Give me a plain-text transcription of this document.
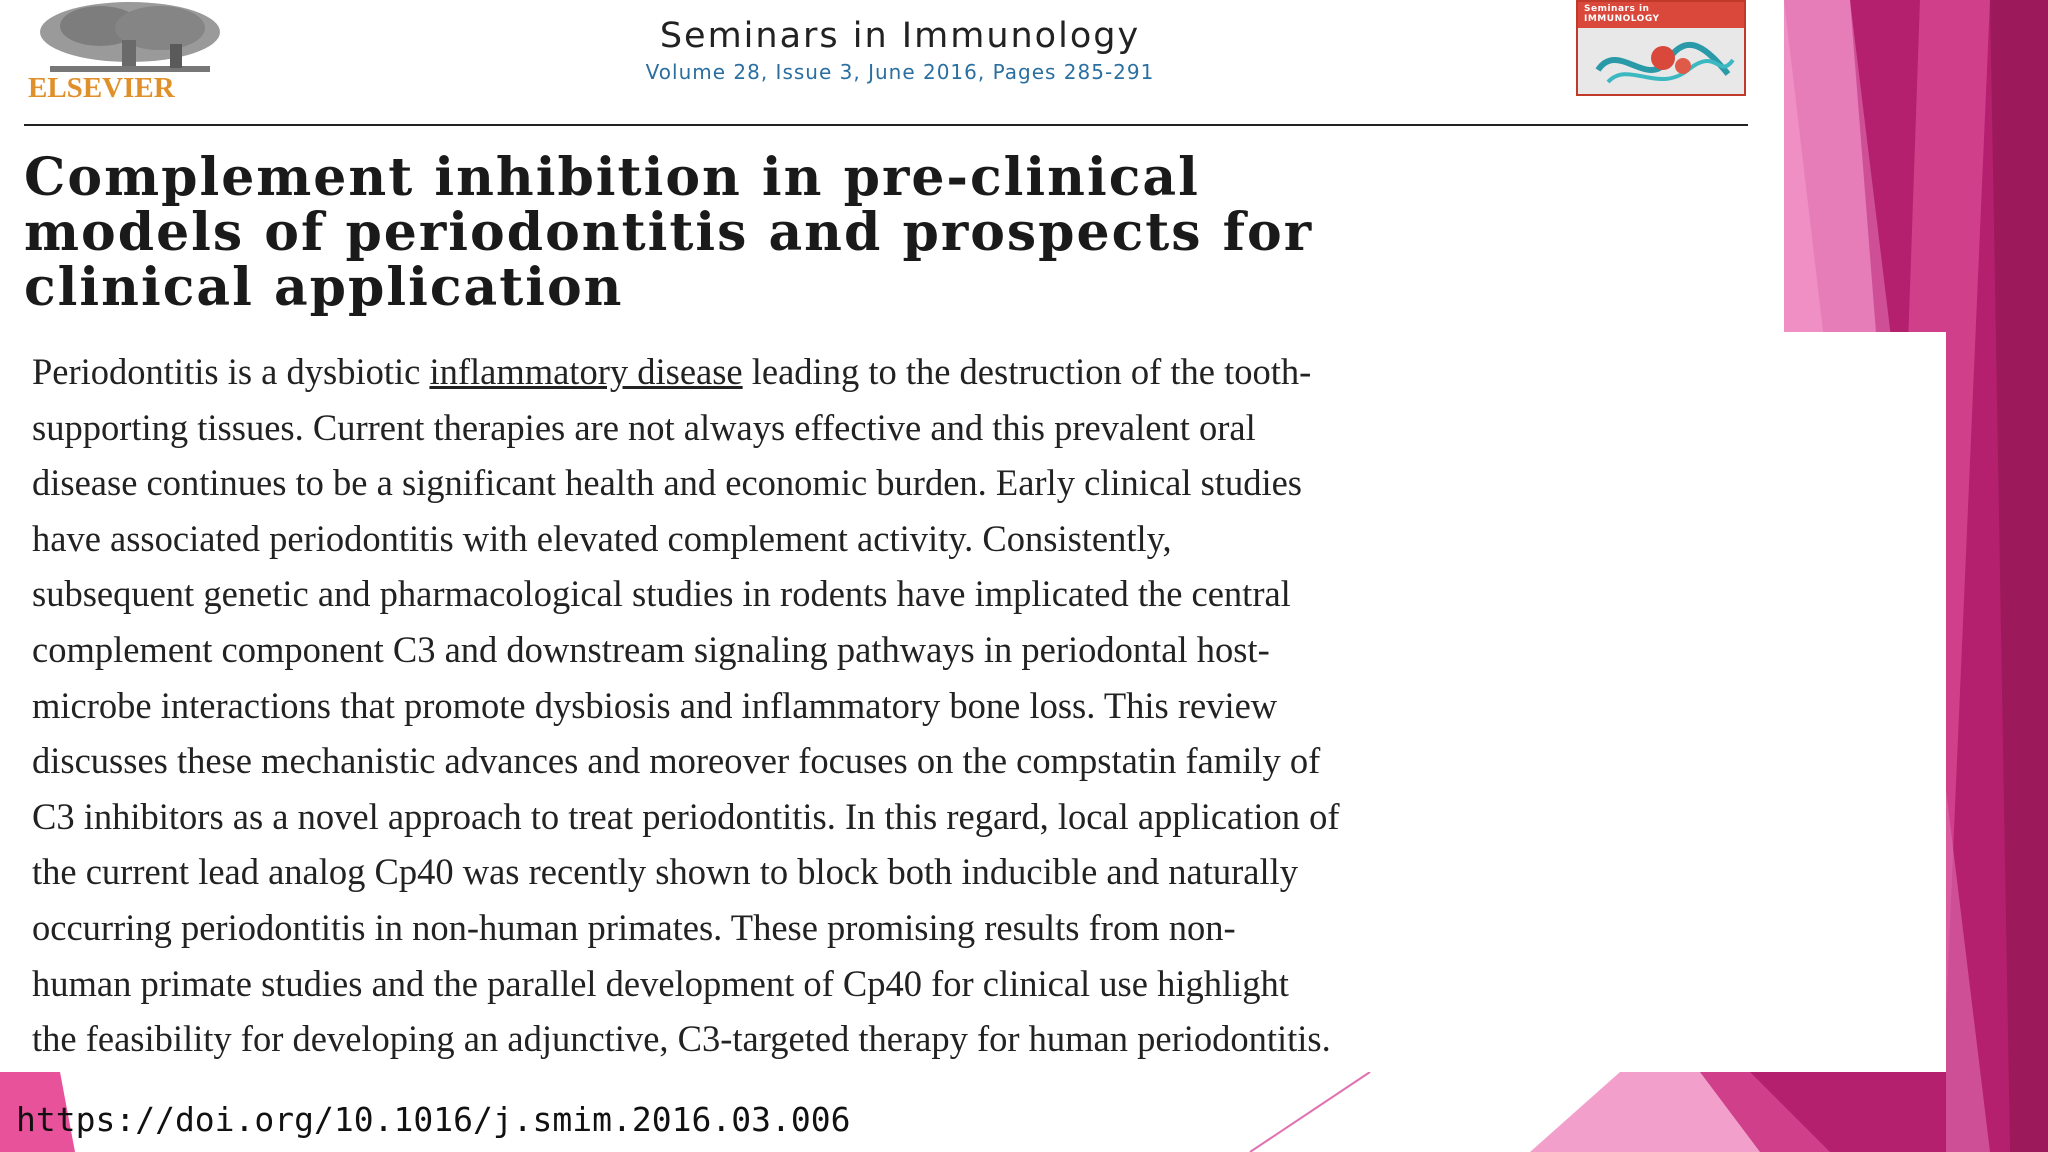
ELSEVIER
Seminars in Immunology
Volume 28, Issue 3, June 2016, Pages 285-291
Seminars in
IMMUNOLOGY
Complement inhibition in pre-clinical
models of periodontitis and prospects for
clinical application
Periodontitis is a dysbiotic inflammatory disease leading to the destruction of the tooth-
supporting tissues. Current therapies are not always effective and this prevalent oral
disease continues to be a significant health and economic burden. Early clinical studies
have associated periodontitis with elevated complement activity. Consistently,
subsequent genetic and pharmacological studies in rodents have implicated the central
complement component C3 and downstream signaling pathways in periodontal host-
microbe interactions that promote dysbiosis and inflammatory bone loss. This review
discusses these mechanistic advances and moreover focuses on the compstatin family of
C3 inhibitors as a novel approach to treat periodontitis. In this regard, local application of
the current lead analog Cp40 was recently shown to block both inducible and naturally
occurring periodontitis in non-human primates. These promising results from non-
human primate studies and the parallel development of Cp40 for clinical use highlight
the feasibility for developing an adjunctive, C3-targeted therapy for human periodontitis.
https://doi.org/10.1016/j.smim.2016.03.006
